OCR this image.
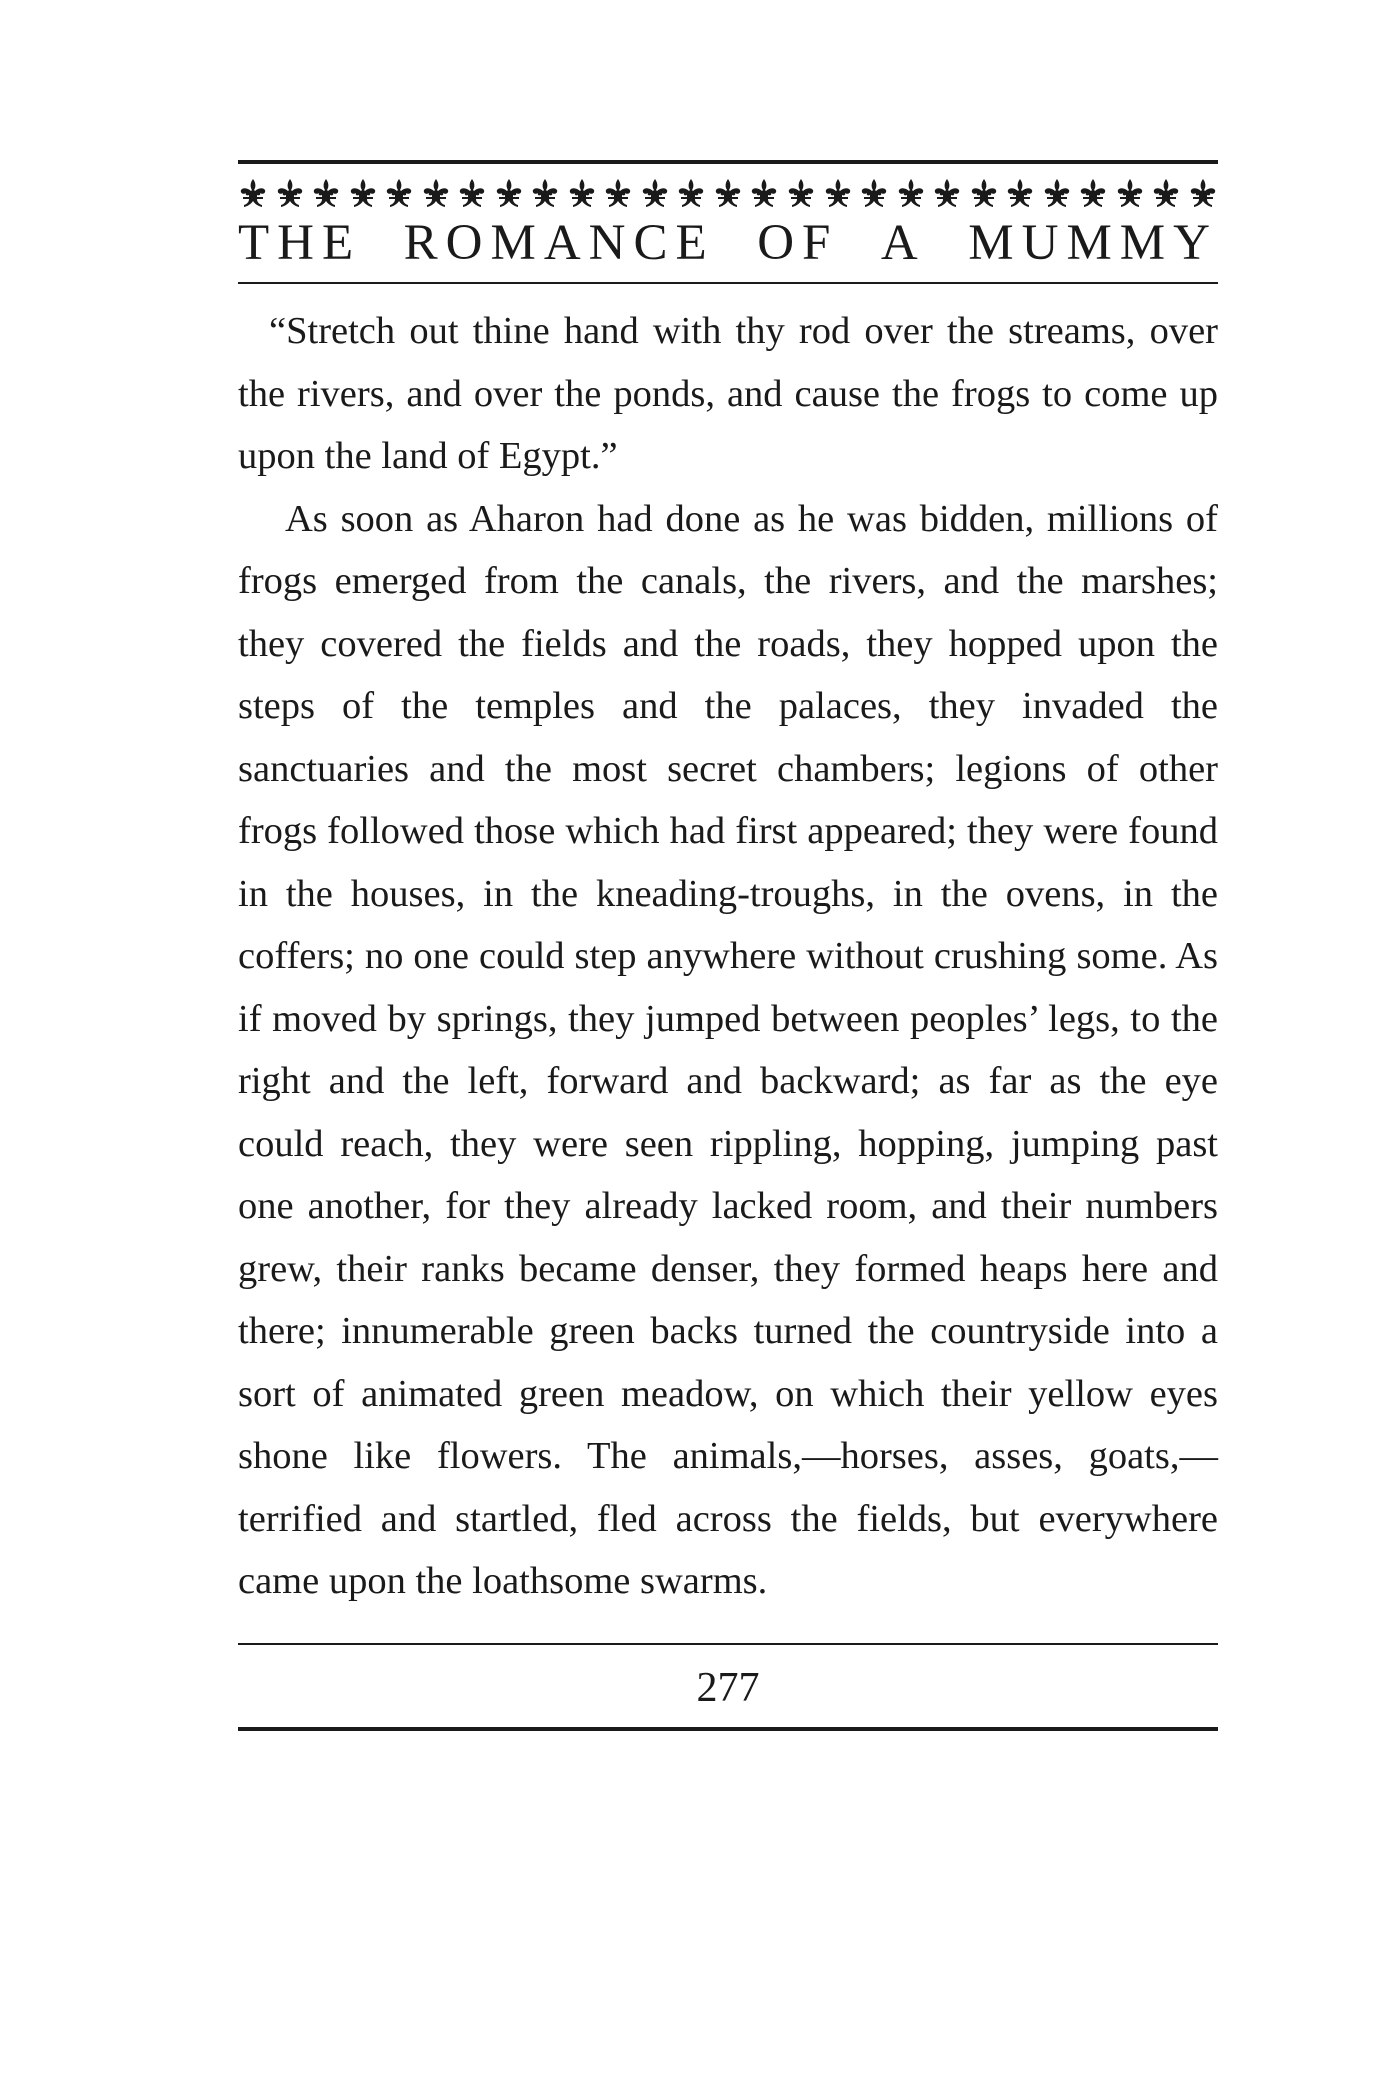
THE ROMANCE OF A MUMMY

“Stretch out thine hand with thy rod over the streams, over the rivers, and over the ponds, and cause the frogs to come up upon the land of Egypt.”

As soon as Aharon had done as he was bidden, millions of frogs emerged from the canals, the rivers, and the marshes; they covered the fields and the roads, they hopped upon the steps of the temples and the palaces, they invaded the sanctuaries and the most secret chambers; legions of other frogs followed those which had first appeared; they were found in the houses, in the kneading-troughs, in the ovens, in the coffers; no one could step anywhere without crushing some. As if moved by springs, they jumped between peoples’ legs, to the right and the left, forward and backward; as far as the eye could reach, they were seen rippling, hopping, jumping past one another, for they already lacked room, and their numbers grew, their ranks became denser, they formed heaps here and there; innumerable green backs turned the countryside into a sort of animated green meadow, on which their yellow eyes shone like flowers. The animals,—horses, asses, goats,—terrified and startled, fled across the fields, but everywhere came upon the loathsome swarms.

277
